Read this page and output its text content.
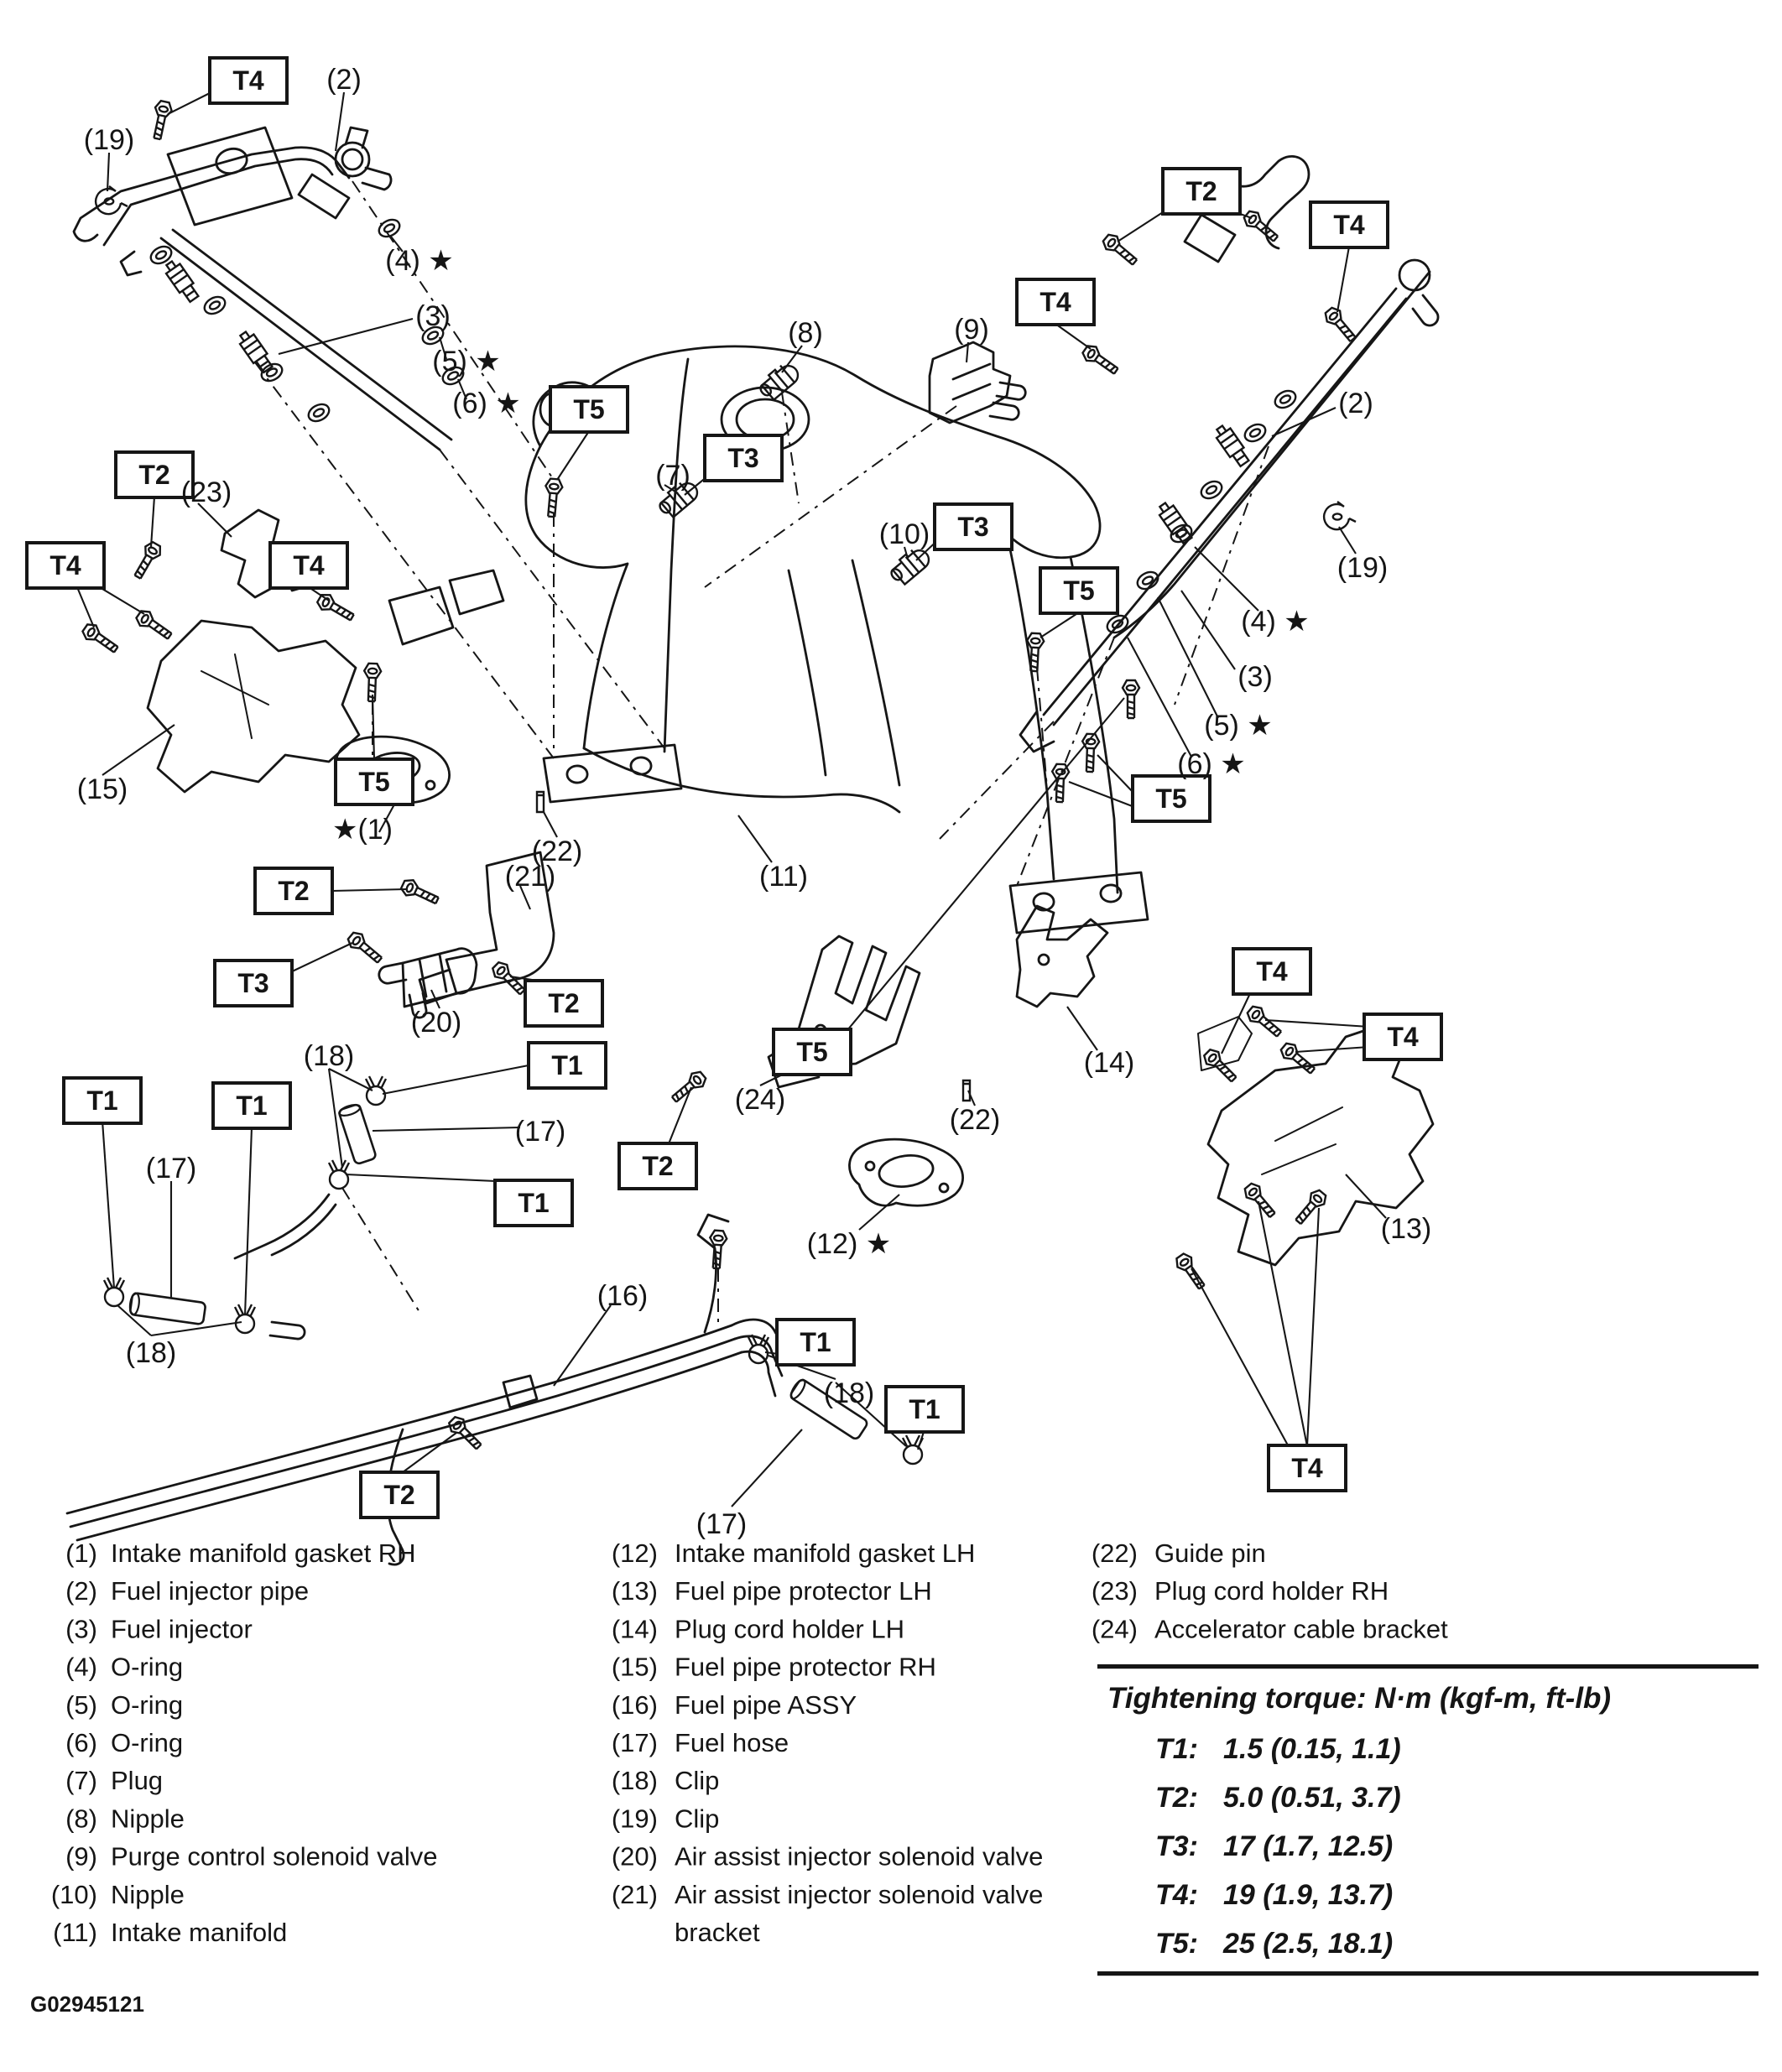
T4
T2
T4
T4
T5
T3
T3
T5
T5
T2
T4	T4
T5
T2
T3
T2
T1
T1	T1
T1
T2
T5
T4
T4
T4
T2
T1
T1
(19)
(2)
(4) ★
(3)
(5) ★
(6) ★
(7)
(8)	(9)
(10)
(2)
(19)
(4) ★
(3)
(5) ★
(6) ★
(23)
(15)
★(1)
(22)
(21)	(11)
(20)
(24)
(12) ★
(22)
(14)
(13)
(18)
(17)
(17)
(18)
(16)
(18)
(17)
(1) Intake manifold gasket RH
(2) Fuel injector pipe
(3) Fuel injector
(4) O-ring
(5) O-ring
(6) O-ring
(7) Plug
(8) Nipple
(9) Purge control solenoid valve
(10) Nipple
(11) Intake manifold
(12) Intake manifold gasket LH
(13) Fuel pipe protector LH
(14) Plug cord holder LH
(15) Fuel pipe protector RH
(16) Fuel pipe ASSY
(17) Fuel hose
(18) Clip
(19) Clip
(20) Air assist injector solenoid valve
(21) Air assist injector solenoid valve
bracket
(22) Guide pin
(23) Plug cord holder RH
(24) Accelerator cable bracket
Tightening torque: N·m (kgf-m, ft-lb)
T1: 1.5 (0.15, 1.1)
T2: 5.0 (0.51, 3.7)
T3: 17 (1.7, 12.5)
T4: 19 (1.9, 13.7)
T5: 25 (2.5, 18.1)
G02945121
